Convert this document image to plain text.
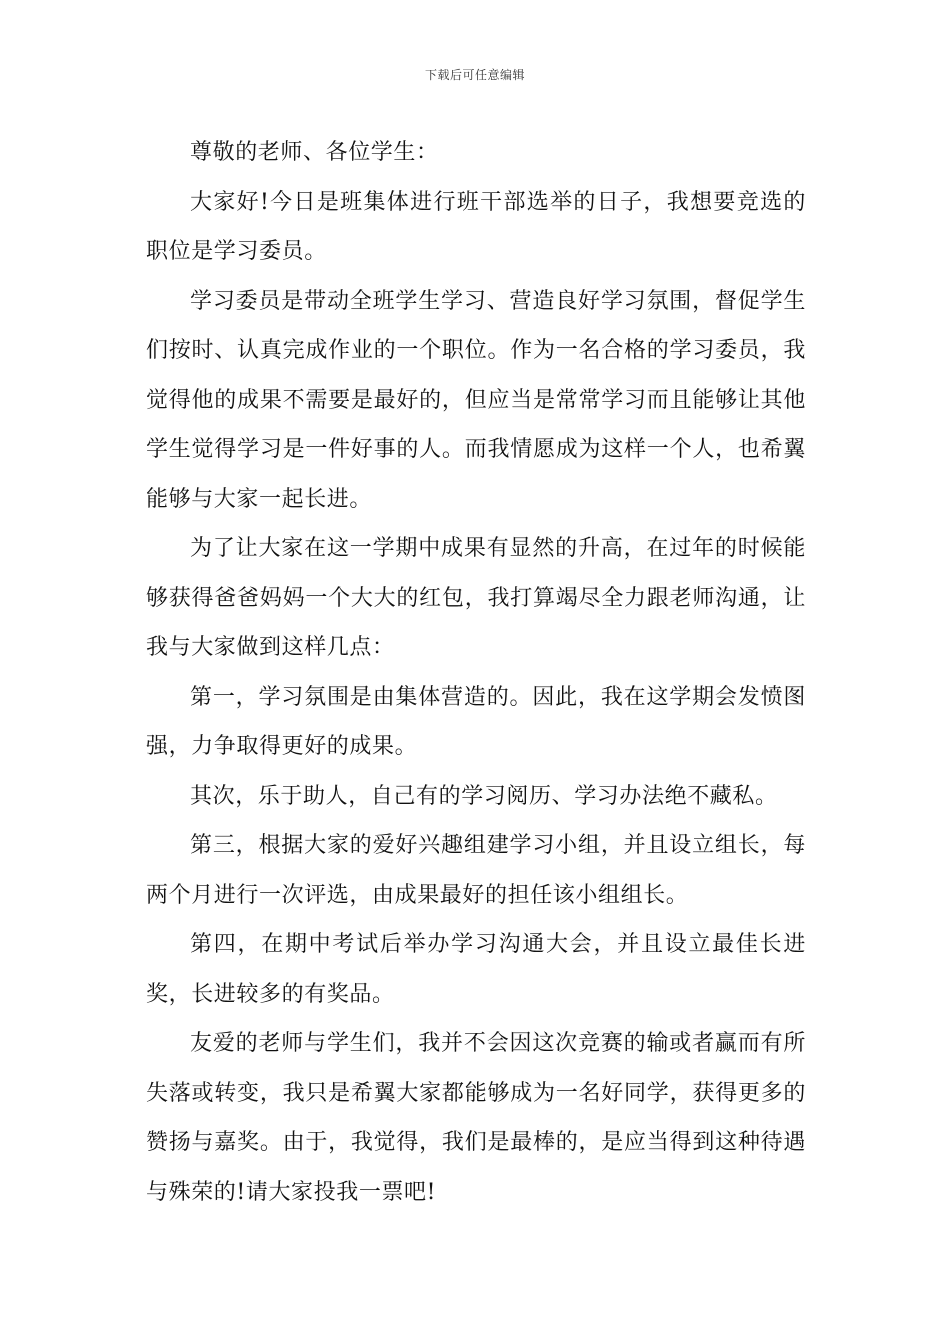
下载后可任意编辑

尊敬的老师、各位学生：

大家好!今日是班集体进行班干部选举的日子，我想要竞选的职位是学习委员。

学习委员是带动全班学生学习、营造良好学习氛围，督促学生们按时、认真完成作业的一个职位。作为一名合格的学习委员，我觉得他的成果不需要是最好的，但应当是常常学习而且能够让其他学生觉得学习是一件好事的人。而我情愿成为这样一个人，也希翼能够与大家一起长进。

为了让大家在这一学期中成果有显然的升高，在过年的时候能够获得爸爸妈妈一个大大的红包，我打算竭尽全力跟老师沟通，让我与大家做到这样几点：

第一，学习氛围是由集体营造的。因此，我在这学期会发愤图强，力争取得更好的成果。

其次，乐于助人，自己有的学习阅历、学习办法绝不藏私。

第三，根据大家的爱好兴趣组建学习小组，并且设立组长，每两个月进行一次评选，由成果最好的担任该小组组长。

第四，在期中考试后举办学习沟通大会，并且设立最佳长进奖，长进较多的有奖品。

友爱的老师与学生们，我并不会因这次竞赛的输或者赢而有所失落或转变，我只是希翼大家都能够成为一名好同学，获得更多的赞扬与嘉奖。由于，我觉得，我们是最棒的，是应当得到这种待遇与殊荣的!请大家投我一票吧!
